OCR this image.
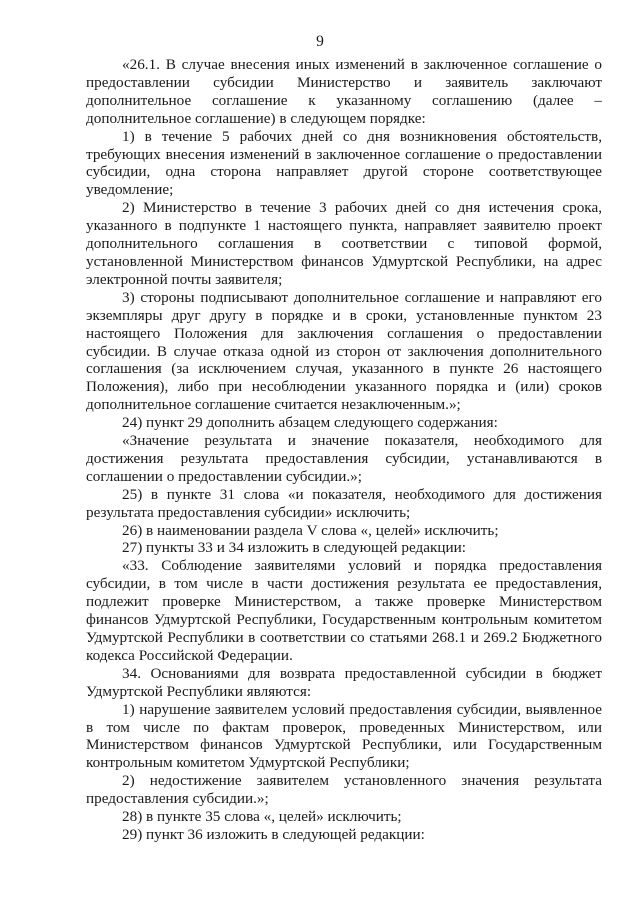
9

«26.1. В случае внесения иных изменений в заключенное соглашение о предоставлении субсидии Министерство и заявитель заключают дополнительное соглашение к указанному соглашению (далее – дополнительное соглашение) в следующем порядке:

1) в течение 5 рабочих дней со дня возникновения обстоятельств, требующих внесения изменений в заключенное соглашение о предоставлении субсидии, одна сторона направляет другой стороне соответствующее уведомление;

2) Министерство в течение 3 рабочих дней со дня истечения срока, указанного в подпункте 1 настоящего пункта, направляет заявителю проект дополнительного соглашения в соответствии с типовой формой, установленной Министерством финансов Удмуртской Республики, на адрес электронной почты заявителя;

3) стороны подписывают дополнительное соглашение и направляют его экземпляры друг другу в порядке и в сроки, установленные пунктом 23 настоящего Положения для заключения соглашения о предоставлении субсидии. В случае отказа одной из сторон от заключения дополнительного соглашения (за исключением случая, указанного в пункте 26 настоящего Положения), либо при несоблюдении указанного порядка и (или) сроков дополнительное соглашение считается незаключенным.»;

24) пункт 29 дополнить абзацем следующего содержания:

«Значение результата и значение показателя, необходимого для достижения результата предоставления субсидии, устанавливаются в соглашении о предоставлении субсидии.»;

25) в пункте 31 слова «и показателя, необходимого для достижения результата предоставления субсидии» исключить;

26) в наименовании раздела V слова «, целей» исключить;

27) пункты 33 и 34 изложить в следующей редакции:

«33. Соблюдение заявителями условий и порядка предоставления субсидии, в том числе в части достижения результата ее предоставления, подлежит проверке Министерством, а также проверке Министерством финансов Удмуртской Республики, Государственным контрольным комитетом Удмуртской Республики в соответствии со статьями 268.1 и 269.2 Бюджетного кодекса Российской Федерации.

34. Основаниями для возврата предоставленной субсидии в бюджет Удмуртской Республики являются:

1) нарушение заявителем условий предоставления субсидии, выявленное в том числе по фактам проверок, проведенных Министерством, или Министерством финансов Удмуртской Республики, или Государственным контрольным комитетом Удмуртской Республики;

2) недостижение заявителем установленного значения результата предоставления субсидии.»;

28) в пункте 35 слова «, целей» исключить;

29) пункт 36 изложить в следующей редакции:
